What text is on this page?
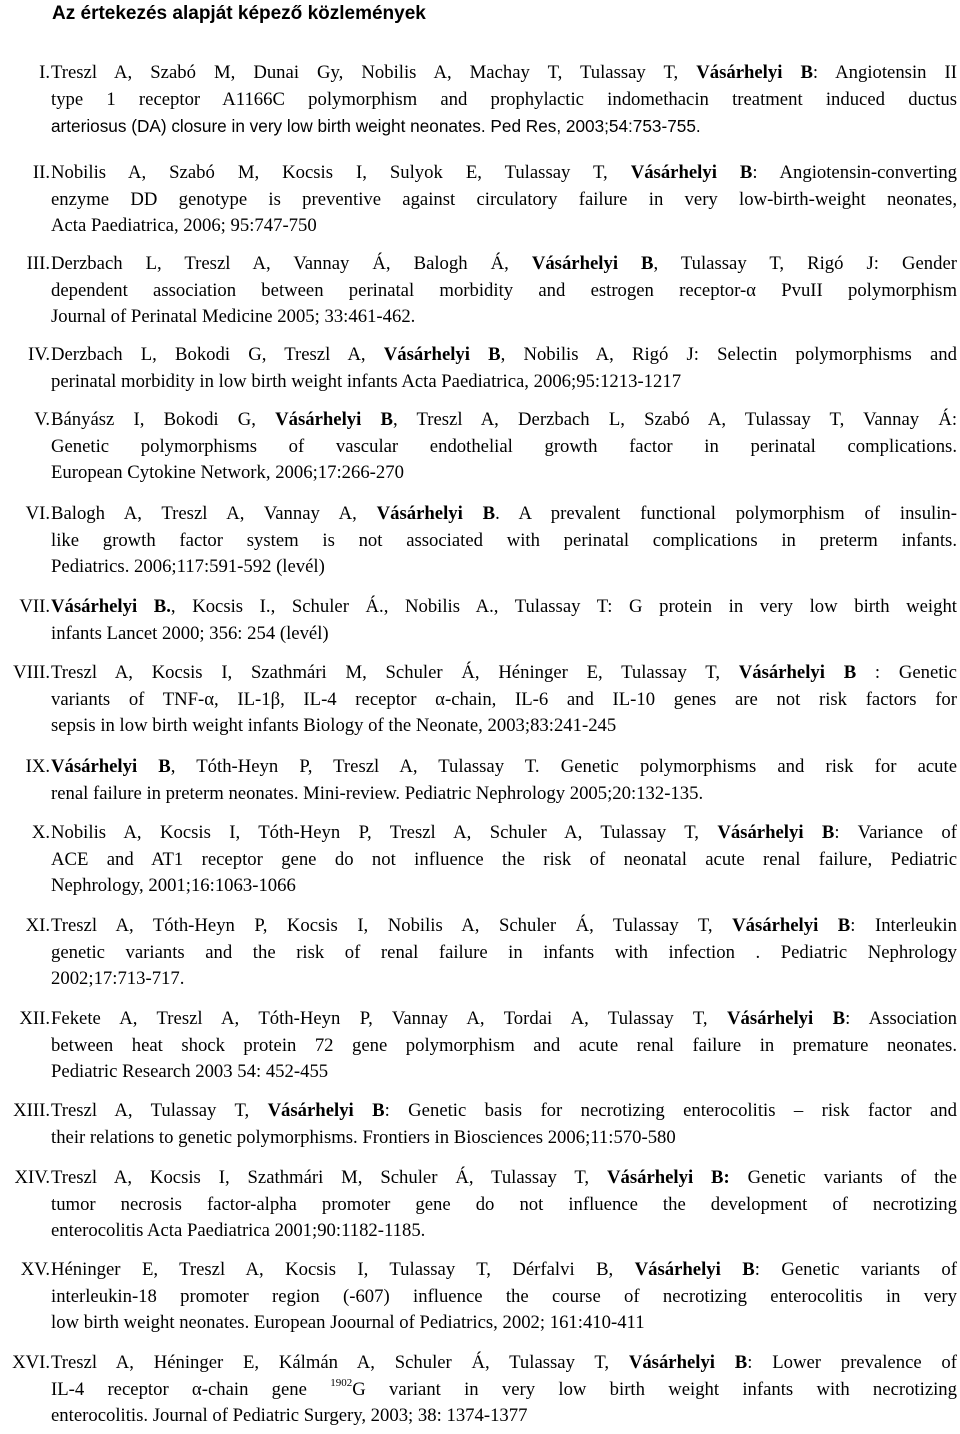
Az értekezés alapját képező közlemények

I. Treszl A, Szabó M, Dunai Gy, Nobilis A, Machay T, Tulassay T, Vásárhelyi B: Angiotensin II
type 1 receptor A1166C polymorphism and prophylactic indomethacin treatment induced ductus
arteriosus (DA) closure in very low birth weight neonates. Ped Res, 2003;54:753-755.

II. Nobilis A, Szabó M, Kocsis I, Sulyok E, Tulassay T, Vásárhelyi B: Angiotensin-converting
enzyme DD genotype is preventive against circulatory failure in very low-birth-weight neonates,
Acta Paediatrica, 2006; 95:747-750

III. Derzbach L, Treszl A, Vannay Á, Balogh Á, Vásárhelyi B, Tulassay T, Rigó J: Gender
dependent association between perinatal morbidity and estrogen receptor-α PvuII polymorphism
Journal of Perinatal Medicine 2005; 33:461-462.

IV. Derzbach L, Bokodi G, Treszl A, Vásárhelyi B, Nobilis A, Rigó J: Selectin polymorphisms and
perinatal morbidity in low birth weight infants Acta Paediatrica, 2006;95:1213-1217

V. Bányász I, Bokodi G, Vásárhelyi B, Treszl A, Derzbach L, Szabó A, Tulassay T, Vannay Á:
Genetic polymorphisms of vascular endothelial growth factor in perinatal complications.
European Cytokine Network, 2006;17:266-270

VI. Balogh A, Treszl A, Vannay A, Vásárhelyi B. A prevalent functional polymorphism of insulin-
like growth factor system is not associated with perinatal complications in preterm infants.
Pediatrics. 2006;117:591-592 (levél)

VII. Vásárhelyi B., Kocsis I., Schuler Á., Nobilis A., Tulassay T: G protein in very low birth weight
infants Lancet 2000; 356: 254 (levél)

VIII. Treszl A, Kocsis I, Szathmári M, Schuler Á, Héninger E, Tulassay T, Vásárhelyi B : Genetic
variants of TNF-α, IL-1β, IL-4 receptor α-chain, IL-6 and IL-10 genes are not risk factors for
sepsis in low birth weight infants Biology of the Neonate, 2003;83:241-245

IX. Vásárhelyi B, Tóth-Heyn P, Treszl A, Tulassay T. Genetic polymorphisms and risk for acute
renal failure in preterm neonates. Mini-review. Pediatric Nephrology 2005;20:132-135.

X. Nobilis A, Kocsis I, Tóth-Heyn P, Treszl A, Schuler A, Tulassay T, Vásárhelyi B: Variance of
ACE and AT1 receptor gene do not influence the risk of neonatal acute renal failure, Pediatric
Nephrology, 2001;16:1063-1066

XI. Treszl A, Tóth-Heyn P, Kocsis I, Nobilis A, Schuler Á, Tulassay T, Vásárhelyi B: Interleukin
genetic variants and the risk of renal failure in infants with infection . Pediatric Nephrology
2002;17:713-717.

XII. Fekete A, Treszl A, Tóth-Heyn P, Vannay A, Tordai A, Tulassay T, Vásárhelyi B: Association
between heat shock protein 72 gene polymorphism and acute renal failure in premature neonates.
Pediatric Research 2003 54: 452-455

XIII. Treszl A, Tulassay T, Vásárhelyi B: Genetic basis for necrotizing enterocolitis – risk factor and
their relations to genetic polymorphisms. Frontiers in Biosciences 2006;11:570-580

XIV. Treszl A, Kocsis I, Szathmári M, Schuler Á, Tulassay T, Vásárhelyi B: Genetic variants of the
tumor necrosis factor-alpha promoter gene do not influence the development of necrotizing
enterocolitis Acta Paediatrica 2001;90:1182-1185.

XV. Héninger E, Treszl A, Kocsis I, Tulassay T, Dérfalvi B, Vásárhelyi B: Genetic variants of
interleukin-18 promoter region (-607) influence the course of necrotizing enterocolitis in very
low birth weight neonates. European Joournal of Pediatrics, 2002; 161:410-411

XVI. Treszl A, Héninger E, Kálmán A, Schuler Á, Tulassay T, Vásárhelyi B: Lower prevalence of
IL-4 receptor α-chain gene $^{1902}$G variant in very low birth weight infants with necrotizing
enterocolitis. Journal of Pediatric Surgery, 2003; 38: 1374-1377
